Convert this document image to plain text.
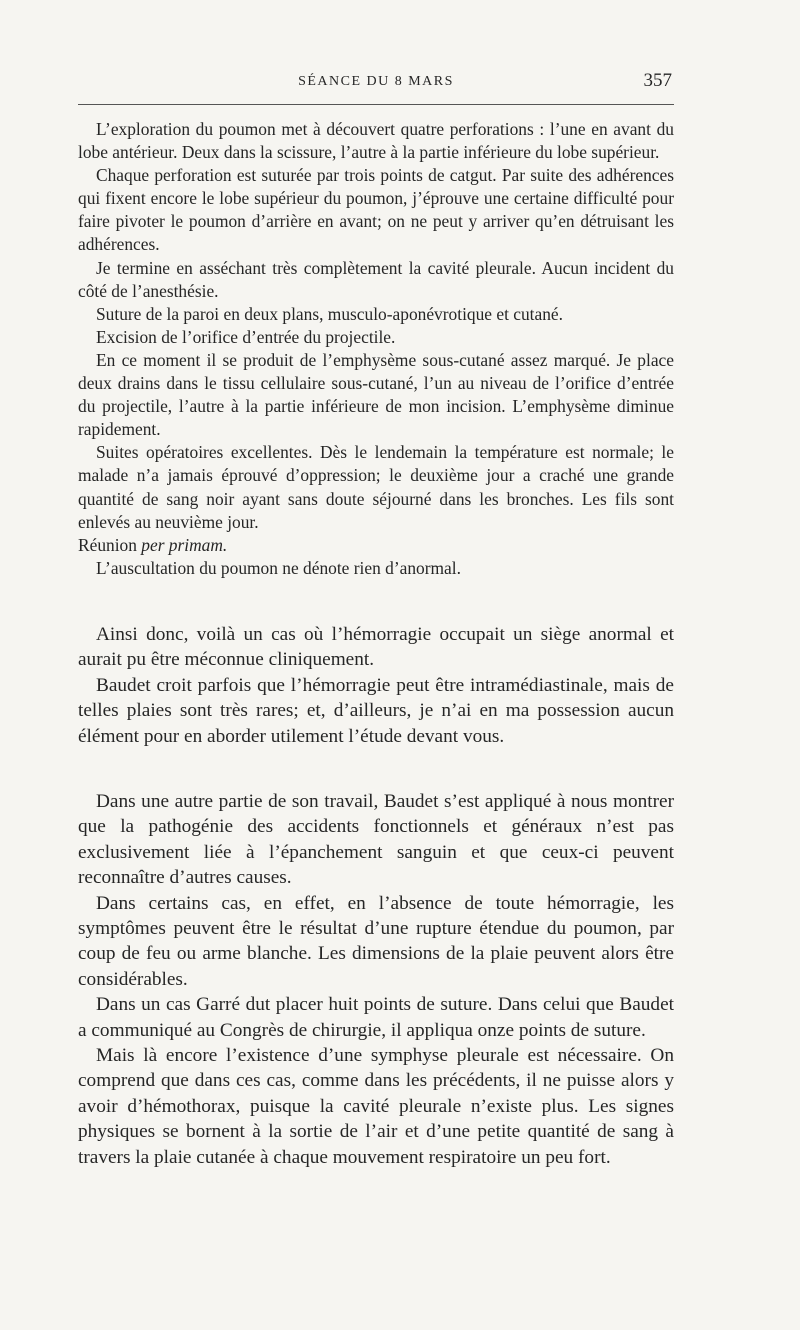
SÉANCE DU 8 MARS	357

L’exploration du poumon met à découvert quatre perforations : l’une en avant du lobe antérieur. Deux dans la scissure, l’autre à la partie inférieure du lobe supérieur.

Chaque perforation est suturée par trois points de catgut. Par suite des adhérences qui fixent encore le lobe supérieur du poumon, j’éprouve une certaine difficulté pour faire pivoter le poumon d’arrière en avant; on ne peut y arriver qu’en détruisant les adhérences.

Je termine en asséchant très complètement la cavité pleurale. Aucun incident du côté de l’anesthésie.

Suture de la paroi en deux plans, musculo-aponévrotique et cutané.

Excision de l’orifice d’entrée du projectile.

En ce moment il se produit de l’emphysème sous-cutané assez marqué. Je place deux drains dans le tissu cellulaire sous-cutané, l’un au niveau de l’orifice d’entrée du projectile, l’autre à la partie inférieure de mon incision. L’emphysème diminue rapidement.

Suites opératoires excellentes. Dès le lendemain la température est normale; le malade n’a jamais éprouvé d’oppression; le deuxième jour a craché une grande quantité de sang noir ayant sans doute séjourné dans les bronches. Les fils sont enlevés au neuvième jour.

Réunion per primam.

L’auscultation du poumon ne dénote rien d’anormal.

Ainsi donc, voilà un cas où l’hémorragie occupait un siège anormal et aurait pu être méconnue cliniquement.

Baudet croit parfois que l’hémorragie peut être intramédiastinale, mais de telles plaies sont très rares; et, d’ailleurs, je n’ai en ma possession aucun élément pour en aborder utilement l’étude devant vous.

Dans une autre partie de son travail, Baudet s’est appliqué à nous montrer que la pathogénie des accidents fonctionnels et généraux n’est pas exclusivement liée à l’épanchement sanguin et que ceux-ci peuvent reconnaître d’autres causes.

Dans certains cas, en effet, en l’absence de toute hémorragie, les symptômes peuvent être le résultat d’une rupture étendue du poumon, par coup de feu ou arme blanche. Les dimensions de la plaie peuvent alors être considérables.

Dans un cas Garré dut placer huit points de suture. Dans celui que Baudet a communiqué au Congrès de chirurgie, il appliqua onze points de suture.

Mais là encore l’existence d’une symphyse pleurale est nécessaire. On comprend que dans ces cas, comme dans les précédents, il ne puisse alors y avoir d’hémothorax, puisque la cavité pleurale n’existe plus. Les signes physiques se bornent à la sortie de l’air et d’une petite quantité de sang à travers la plaie cutanée à chaque mouvement respiratoire un peu fort.
